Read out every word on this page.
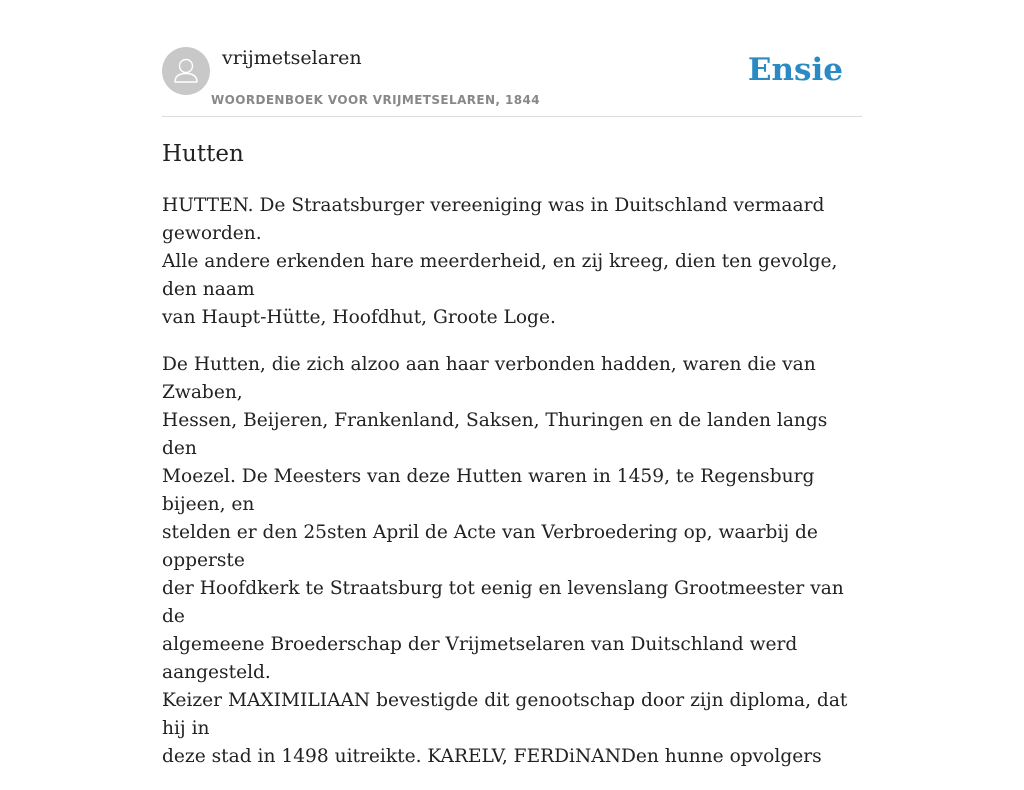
vrijmetselaren
WOORDENBOEK VOOR VRIJMETSELAREN, 1844
Ensie
Hutten

HUTTEN. De Straatsburger vereeniging was in Duitschland vermaard geworden.
Alle andere erkenden hare meerderheid, en zij kreeg, dien ten gevolge, den naam
van Haupt-Hütte, Hoofdhut, Groote Loge.

De Hutten, die zich alzoo aan haar verbonden hadden, waren die van Zwaben,
Hessen, Beijeren, Frankenland, Saksen, Thuringen en de landen langs den
Moezel. De Meesters van deze Hutten waren in 1459, te Regensburg bijeen, en
stelden er den 25sten April de Acte van Verbroedering op, waarbij de opperste
der Hoofdkerk te Straatsburg tot eenig en levenslang Grootmeester van de
algemeene Broederschap der Vrijmetselaren van Duitschland werd aangesteld.
Keizer MAXIMILIAAN bevestigde dit genootschap door zijn diploma, dat hij in
deze stad in 1498 uitreikte. KARELV, FERDiNANDen hunne opvolgers
